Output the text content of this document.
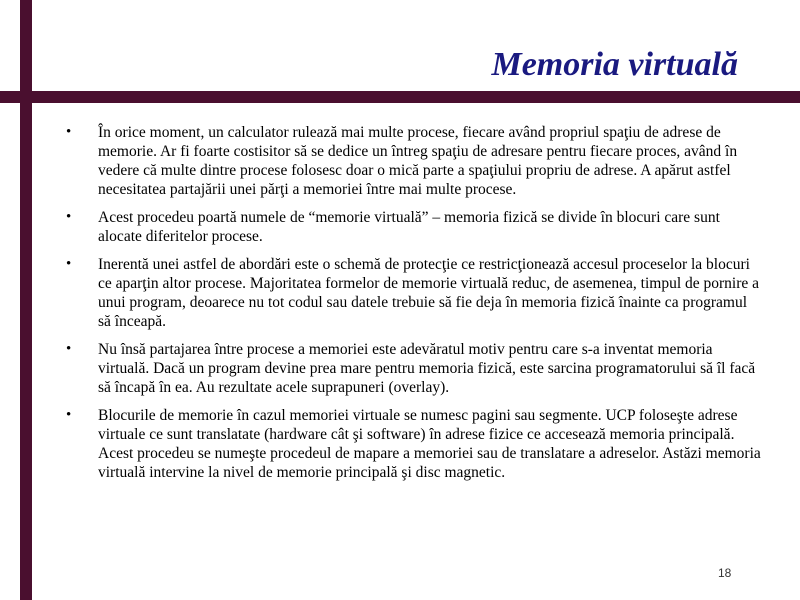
Memoria virtuală
• În orice moment, un calculator rulează mai multe procese, fiecare având propriul spaţiu de adrese de memorie. Ar fi foarte costisitor să se dedice un întreg spaţiu de adresare pentru fiecare proces, având în vedere că multe dintre procese folosesc doar o mică parte a spaţiului propriu de adrese. A apărut astfel necesitatea partajării unei părţi a memoriei între mai multe procese.
• Acest procedeu poartă numele de “memorie virtuală” – memoria fizică se divide în blocuri care sunt alocate diferitelor procese.
• Inerentă unei astfel de abordări este o schemă de protecţie ce restricţionează accesul proceselor la blocuri ce aparţin altor procese. Majoritatea formelor de memorie virtuală reduc, de asemenea, timpul de pornire a unui program, deoarece nu tot codul sau datele trebuie să fie deja în memoria fizică înainte ca programul să înceapă.
• Nu însă partajarea între procese a memoriei este adevăratul motiv pentru care s-a inventat memoria virtuală. Dacă un program devine prea mare pentru memoria fizică, este sarcina programatorului să îl facă să încapă în ea. Au rezultate acele suprapuneri (overlay).
• Blocurile de memorie în cazul memoriei virtuale se numesc pagini sau segmente. UCP foloseşte adrese virtuale ce sunt translatate (hardware cât şi software) în adrese fizice ce accesează memoria principală. Acest procedeu se numeşte procedeul de mapare a memoriei sau de translatare a adreselor. Astăzi memoria virtuală intervine la nivel de memorie principală şi disc magnetic.
18
